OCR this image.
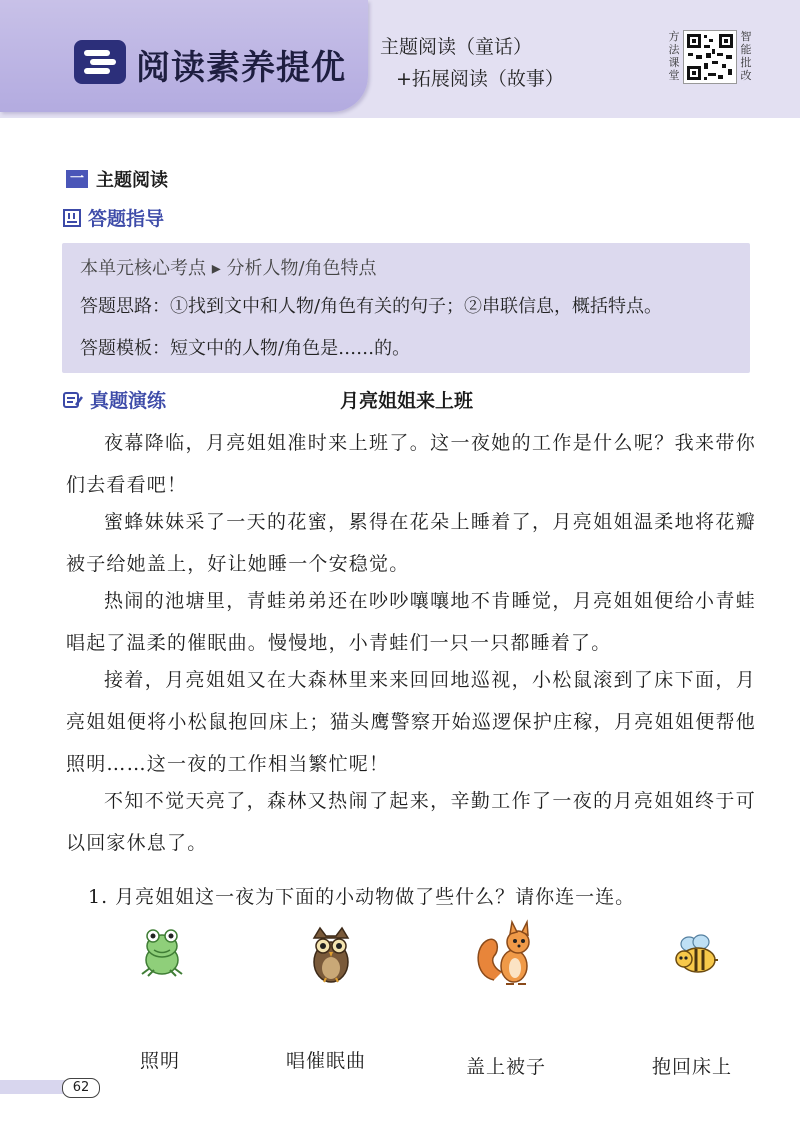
阅读素养提优
主题阅读（童话）
+拓展阅读（故事）
方法课堂
智能批改
一 主题阅读
答题指导
本单元核心考点 ▸ 分析人物/角色特点
答题思路：①找到文中和人物/角色有关的句子；②串联信息，概括特点。
答题模板：短文中的人物/角色是……的。
真题演练	月亮姐姐来上班
夜幕降临，月亮姐姐准时来上班了。这一夜她的工作是什么呢？我来带你们去看看吧！
蜜蜂妹妹采了一天的花蜜，累得在花朵上睡着了，月亮姐姐温柔地将花瓣被子给她盖上，好让她睡一个安稳觉。
热闹的池塘里，青蛙弟弟还在吵吵嚷嚷地不肯睡觉，月亮姐姐便给小青蛙唱起了温柔的催眠曲。慢慢地，小青蛙们一只一只都睡着了。
接着，月亮姐姐又在大森林里来来回回地巡视，小松鼠滚到了床下面，月亮姐姐便将小松鼠抱回床上；猫头鹰警察开始巡逻保护庄稼，月亮姐姐便帮他照明……这一夜的工作相当繁忙呢！
不知不觉天亮了，森林又热闹了起来，辛勤工作了一夜的月亮姐姐终于可以回家休息了。
1. 月亮姐姐这一夜为下面的小动物做了些什么？请你连一连。
照明	唱催眠曲	盖上被子	抱回床上
62
